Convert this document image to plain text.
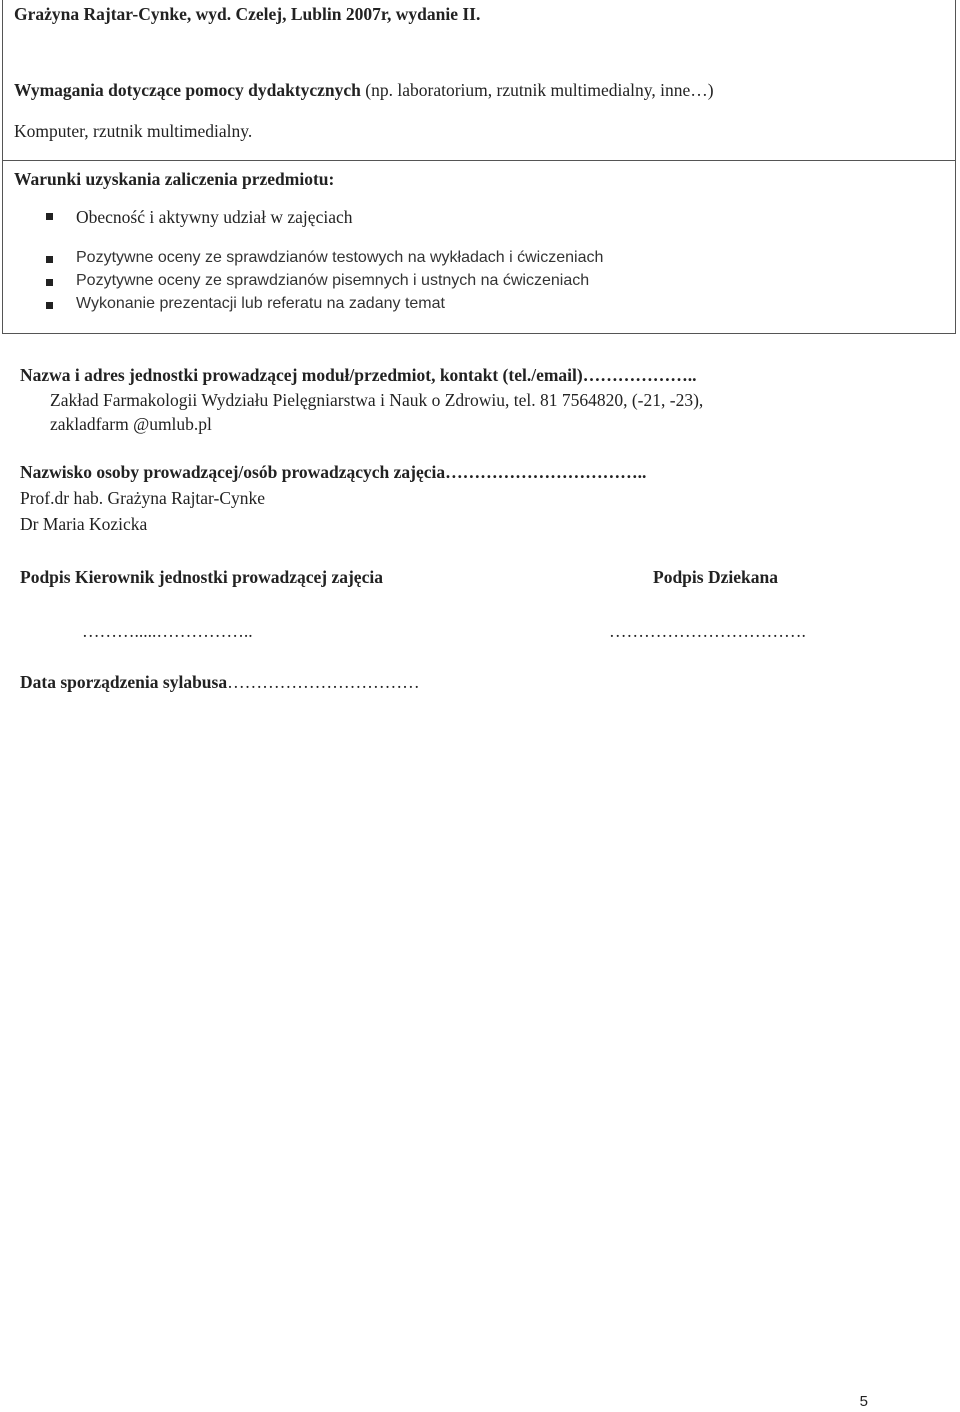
Grażyna Rajtar-Cynke, wyd. Czelej, Lublin 2007r, wydanie II.
Wymagania dotyczące pomocy dydaktycznych (np. laboratorium, rzutnik multimedialny, inne…)
Komputer, rzutnik multimedialny.
Warunki uzyskania zaliczenia przedmiotu:
Obecność i aktywny udział w zajęciach
Pozytywne oceny ze sprawdzianów testowych na wykładach i ćwiczeniach
Pozytywne oceny ze sprawdzianów pisemnych i ustnych na ćwiczeniach
Wykonanie prezentacji lub referatu na zadany temat
Nazwa i adres jednostki prowadzącej moduł/przedmiot, kontakt (tel./email)………………..
Zakład Farmakologii Wydziału Pielęgniarstwa i Nauk o Zdrowiu, tel. 81 7564820, (-21, -23),
zakladfarm @umlub.pl
Nazwisko osoby prowadzącej/osób prowadzących zajęcia……………………………..
Prof.dr hab. Grażyna Rajtar-Cynke
Dr Maria Kozicka
Podpis Kierownik jednostki prowadzącej zajęcia	Podpis Dziekana
……….....……………..	…………………………….
Data sporządzenia sylabusa……………………………
5
